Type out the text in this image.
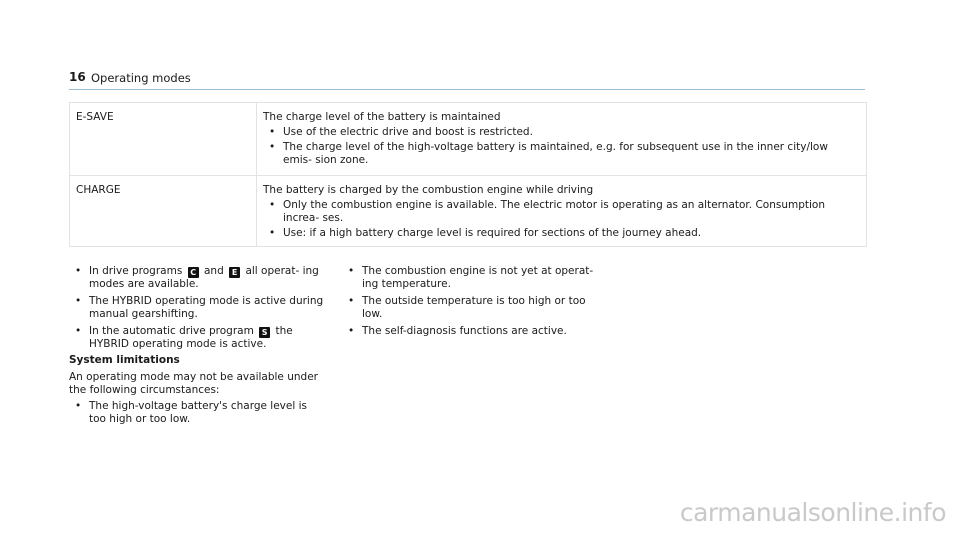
16 Operating modes
E-SAVE	The charge level of the battery is maintained
• Use of the electric drive and boost is restricted.
• The charge level of the high-voltage battery is maintained, e.g. for subsequent use in the inner city/low emis- sion zone.
CHARGE	The battery is charged by the combustion engine while driving
• Only the combustion engine is available. The electric motor is operating as an alternator. Consumption increa- ses.
• Use: if a high battery charge level is required for sections of the journey ahead.
• In drive programs C and E all operat- ing modes are available.
• The HYBRID operating mode is active during manual gearshifting.
• In the automatic drive program S the HYBRID operating mode is active.
System limitations
An operating mode may not be available under the following circumstances:
• The high-voltage battery's charge level is too high or too low.
• The combustion engine is not yet at operat- ing temperature.
• The outside temperature is too high or too low.
• The self-diagnosis functions are active.
carmanualsonline.info
